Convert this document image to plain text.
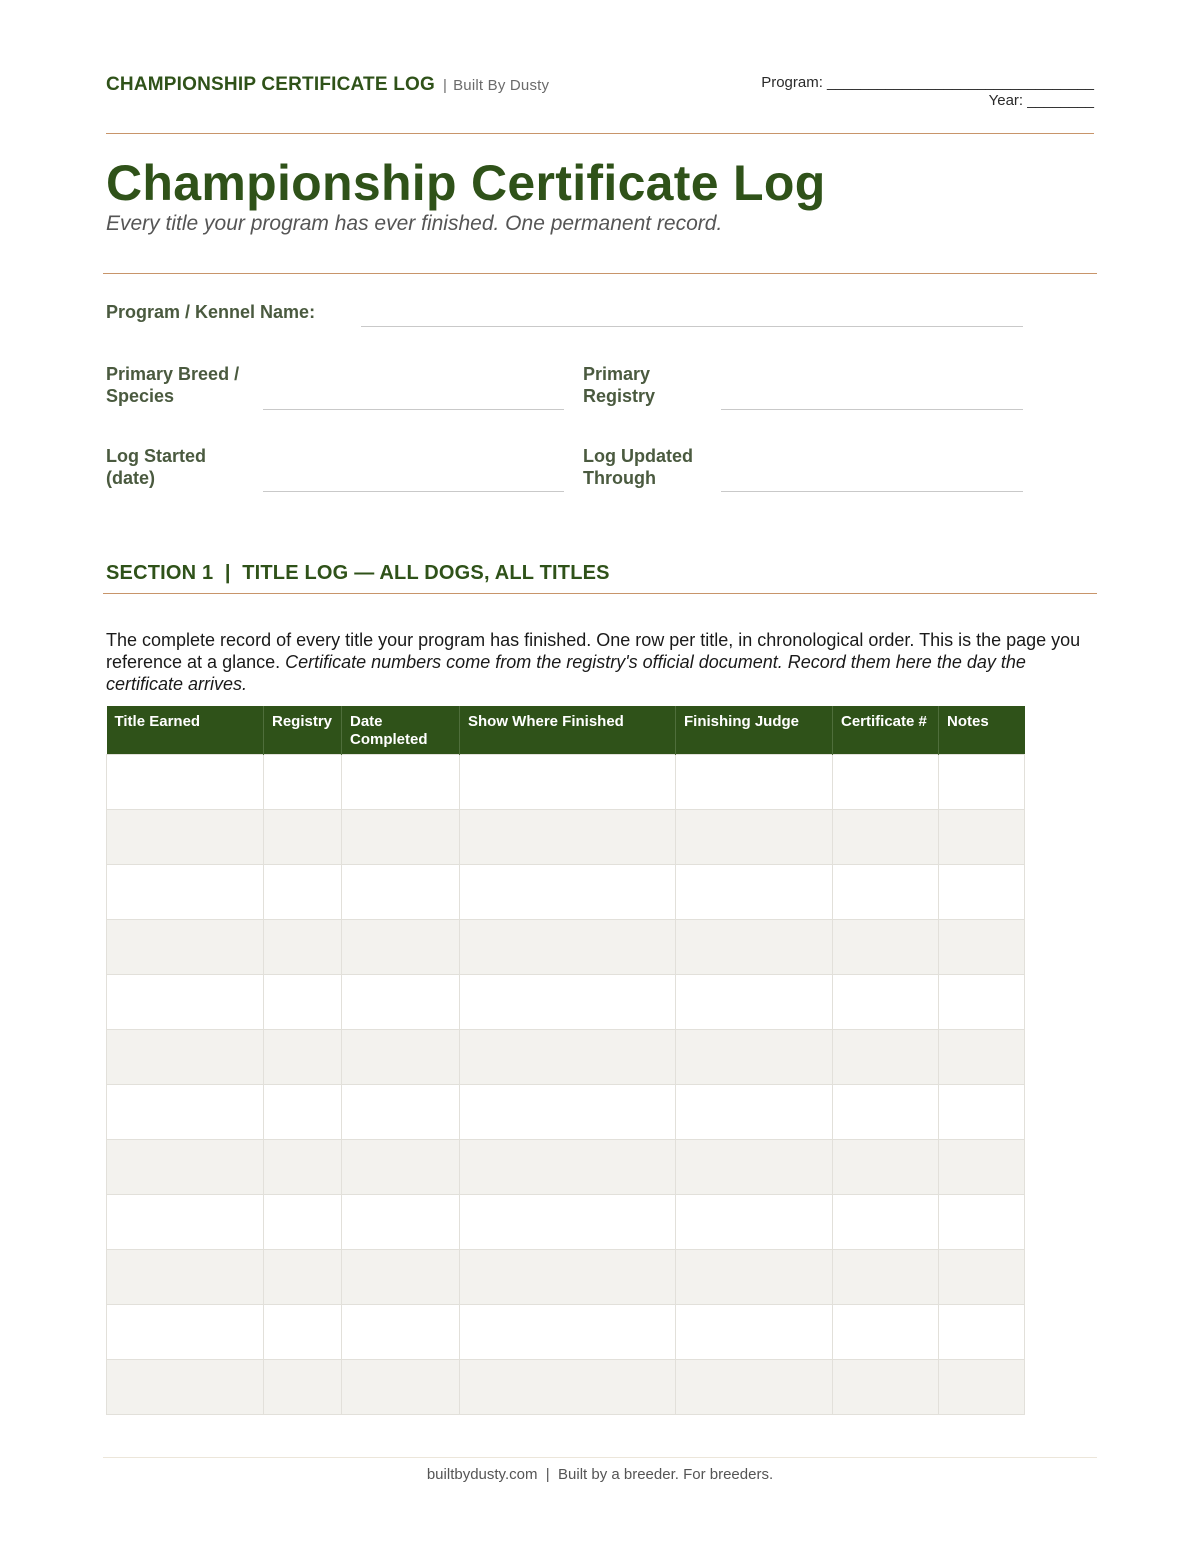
CHAMPIONSHIP CERTIFICATE LOG | Built By Dusty	Program: ________________________________
Year: ________
Championship Certificate Log
Every title your program has ever finished. One permanent record.
Program / Kennel Name:
Primary Breed /
Species
Primary
Registry
Log Started
(date)
Log Updated
Through
SECTION 1  |  TITLE LOG — ALL DOGS, ALL TITLES
The complete record of every title your program has finished. One row per title, in chronological order. This is the page you reference at a glance. Certificate numbers come from the registry's official document. Record them here the day the certificate arrives.
Title Earned	Registry	Date Completed	Show Where Finished	Finishing Judge	Certificate #	Notes

builtbydusty.com  |  Built by a breeder. For breeders.
